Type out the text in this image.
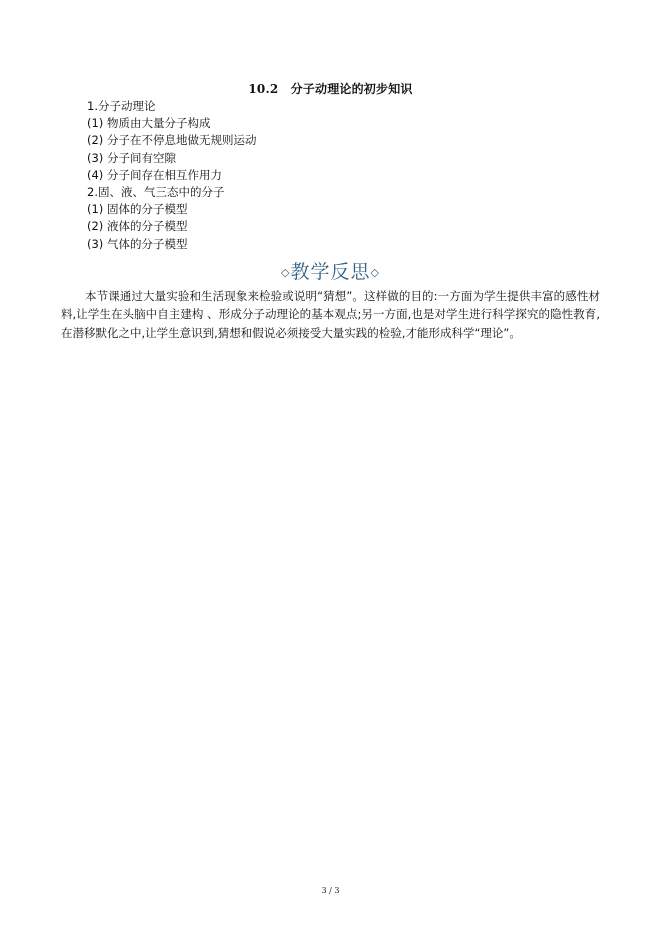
10.2　分子动理论的初步知识
1.分子动理论
(1) 物质由大量分子构成
(2) 分子在不停息地做无规则运动
(3) 分子间有空隙
(4) 分子间存在相互作用力
2.固、液、气三态中的分子
(1) 固体的分子模型
(2) 液体的分子模型
(3) 气体的分子模型
◇教学反思◇
本节课通过大量实验和生活现象来检验或说明“猜想”。这样做的目的:一方面为学生提供丰富的感性材料,让学生在头脑中自主建构 、形成分子动理论的基本观点;另一方面,也是对学生进行科学探究的隐性教育,在潜移默化之中,让学生意识到,猜想和假说必须接受大量实践的检验,才能形成科学“理论”。
3 / 3
